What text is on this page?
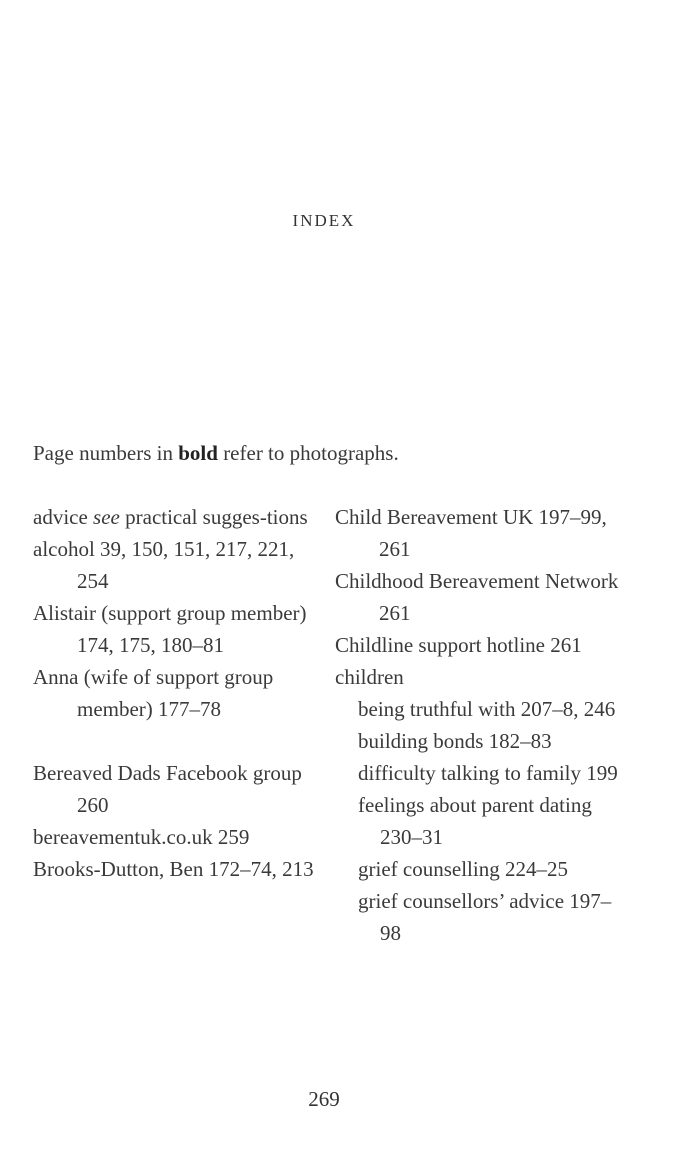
INDEX

Page numbers in bold refer to photographs.

advice see practical sugges-tions
alcohol 39, 150, 151, 217, 221, 254
Alistair (support group member) 174, 175, 180–81
Anna (wife of support group member) 177–78
Bereaved Dads Facebook group 260
bereavementuk.co.uk 259
Brooks-Dutton, Ben 172–74, 213
Child Bereavement UK 197–99, 261
Childhood Bereavement Network 261
Childline support hotline 261
children
being truthful with 207–8, 246
building bonds 182–83
difficulty talking to family 199
feelings about parent dating 230–31
grief counselling 224–25
grief counsellors’ advice 197–98
269
